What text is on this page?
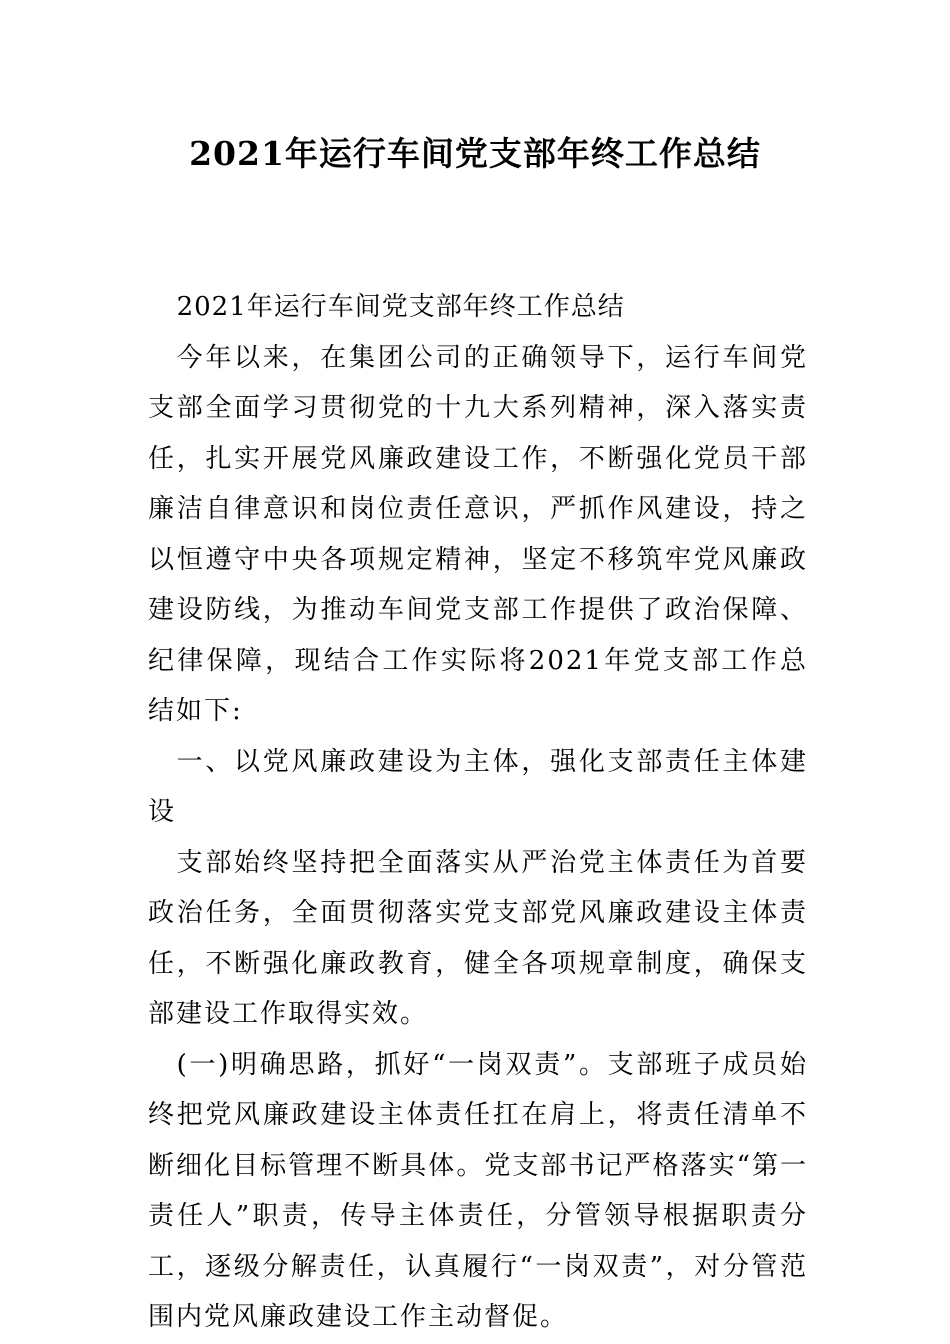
2021年运行车间党支部年终工作总结

2021年运行车间党支部年终工作总结

今年以来，在集团公司的正确领导下，运行车间党支部全面学习贯彻党的十九大系列精神，深入落实责任，扎实开展党风廉政建设工作，不断强化党员干部廉洁自律意识和岗位责任意识，严抓作风建设，持之以恒遵守中央各项规定精神，坚定不移筑牢党风廉政建设防线，为推动车间党支部工作提供了政治保障、纪律保障，现结合工作实际将2021年党支部工作总结如下:

一、以党风廉政建设为主体，强化支部责任主体建设

支部始终坚持把全面落实从严治党主体责任为首要政治任务，全面贯彻落实党支部党风廉政建设主体责任，不断强化廉政教育，健全各项规章制度，确保支部建设工作取得实效。

(一)明确思路，抓好“一岗双责”。支部班子成员始终把党风廉政建设主体责任扛在肩上，将责任清单不断细化目标管理不断具体。党支部书记严格落实“第一责任人”职责，传导主体责任，分管领导根据职责分工，逐级分解责任，认真履行“一岗双责”，对分管范围内党风廉政建设工作主动督促。
